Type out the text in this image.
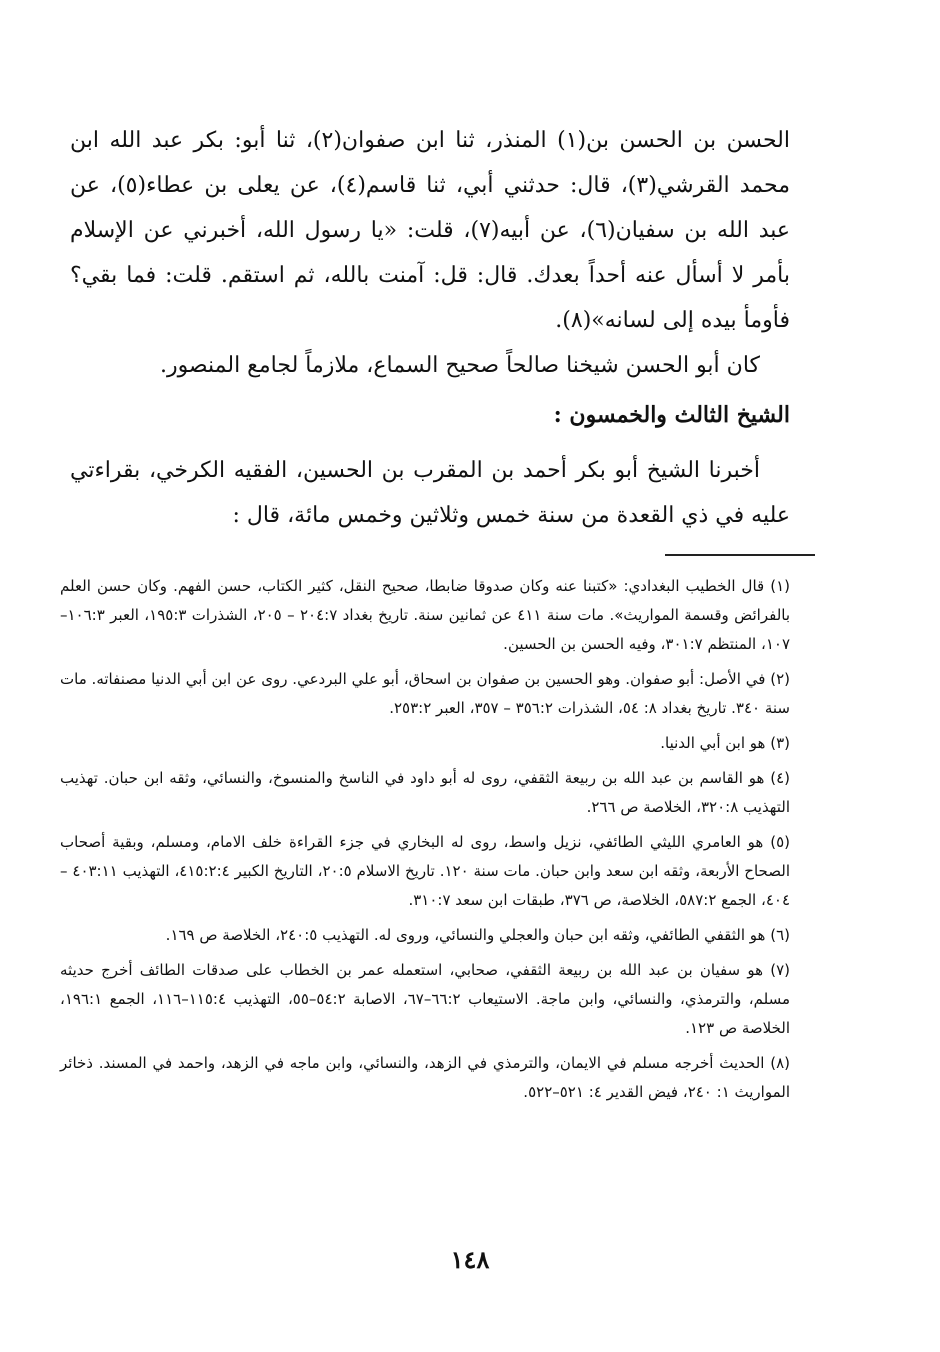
الحسن بن الحسن بن(١) المنذر، ثنا ابن صفوان(٢)، ثنا أبو: بكر عبد الله ابن محمد القرشي(٣)، قال: حدثني أبي، ثنا قاسم(٤)، عن يعلى بن عطاء(٥)، عن عبد الله بن سفيان(٦)، عن أبيه(٧)، قلت: «يا رسول الله، أخبرني عن الإسلام بأمر لا أسأل عنه أحداً بعدك. قال: قل: آمنت بالله، ثم استقم. قلت: فما بقي؟ فأومأ بيده إلى لسانه»(٨).

كان أبو الحسن شيخنا صالحاً صحيح السماع، ملازماً لجامع المنصور.

الشيخ الثالث والخمسون :

أخبرنا الشيخ أبو بكر أحمد بن المقرب بن الحسين، الفقيه الكرخي، بقراءتي عليه في ذي القعدة من سنة خمس وثلاثين وخمس مائة، قال :

(١) قال الخطيب البغدادي: «كتبنا عنه وكان صدوقا ضابطا، صحيح النقل، كثير الكتاب، حسن الفهم. وكان حسن العلم بالفرائض وقسمة المواريث». مات سنة ٤١١ عن ثمانين سنة. تاريخ بغداد ٢٠٤:٧ – ٢٠٥، الشذرات ١٩٥:٣، العبر ١٠٦:٣–١٠٧، المنتظم ٣٠١:٧، وفيه الحسن بن الحسين.

(٢) في الأصل: أبو صفوان. وهو الحسين بن صفوان بن اسحاق، أبو علي البردعي. روى عن ابن أبي الدنيا مصنفاته. مات سنة ٣٤٠. تاريخ بغداد ٨: ٥٤، الشذرات ٣٥٦:٢ – ٣٥٧، العبر ٢٥٣:٢.

(٣) هو ابن أبي الدنيا.

(٤) هو القاسم بن عبد الله بن ربيعة الثقفي، روى له أبو داود في الناسخ والمنسوخ، والنسائي، وثقه ابن حبان. تهذيب التهذيب ٣٢٠:٨، الخلاصة ص ٢٦٦.

(٥) هو العامري الليثي الطائفي، نزيل واسط، روى له البخاري في جزء القراءة خلف الامام، ومسلم، وبقية أصحاب الصحاح الأربعة، وثقه ابن سعد وابن حبان. مات سنة ١٢٠. تاريخ الاسلام ٢٠:٥، التاريخ الكبير ٤١٥:٢:٤، التهذيب ٤٠٣:١١ – ٤٠٤، الجمع ٥٨٧:٢، الخلاصة، ص ٣٧٦، طبقات ابن سعد ٣١٠:٧.

(٦) هو الثقفي الطائفي، وثقه ابن حبان والعجلي والنسائي، وروى له. التهذيب ٢٤٠:٥، الخلاصة ص ١٦٩.

(٧) هو سفيان بن عبد الله بن ربيعة الثقفي، صحابي، استعمله عمر بن الخطاب على صدقات الطائف أخرج حديثه مسلم، والترمذي، والنسائي، وابن ماجة. الاستيعاب ٦٦:٢–٦٧، الاصابة ٥٤:٢–٥٥، التهذيب ١١٥:٤–١١٦، الجمع ١٩٦:١، الخلاصة ص ١٢٣.

(٨) الحديث أخرجه مسلم في الايمان، والترمذي في الزهد، والنسائي، وابن ماجه في الزهد، واحمد في المسند. ذخائر المواريث ١: ٢٤٠، فيض القدير ٤: ٥٢١–٥٢٢.

١٤٨
